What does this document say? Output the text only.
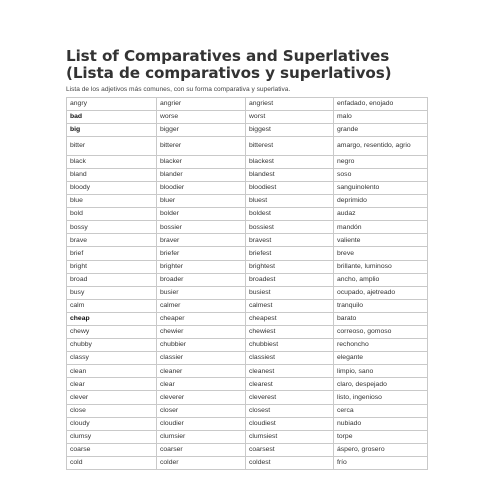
List of Comparatives and Superlatives
(Lista de comparativos y superlativos)

Lista de los adjetivos más comunes, con su forma comparativa y superlativa.

angry	angrier	angriest	enfadado, enojado
bad	worse	worst	malo
big	bigger	biggest	grande
bitter	bitterer	bitterest	amargo, resentido, agrio
black	blacker	blackest	negro
bland	blander	blandest	soso
bloody	bloodier	bloodiest	sanguinolento
blue	bluer	bluest	deprimido
bold	bolder	boldest	audaz
bossy	bossier	bossiest	mandón
brave	braver	bravest	valiente
brief	briefer	briefest	breve
bright	brighter	brightest	brillante, luminoso
broad	broader	broadest	ancho, amplio
busy	busier	busiest	ocupado, ajetreado
calm	calmer	calmest	tranquilo
cheap	cheaper	cheapest	barato
chewy	chewier	chewiest	correoso, gomoso
chubby	chubbier	chubbiest	rechoncho
classy	classier	classiest	elegante
clean	cleaner	cleanest	limpio, sano
clear	clear	clearest	claro, despejado
clever	cleverer	cleverest	listo, ingenioso
close	closer	closest	cerca
cloudy	cloudier	cloudiest	nubiado
clumsy	clumsier	clumsiest	torpe
coarse	coarser	coarsest	áspero, grosero
cold	colder	coldest	frío
